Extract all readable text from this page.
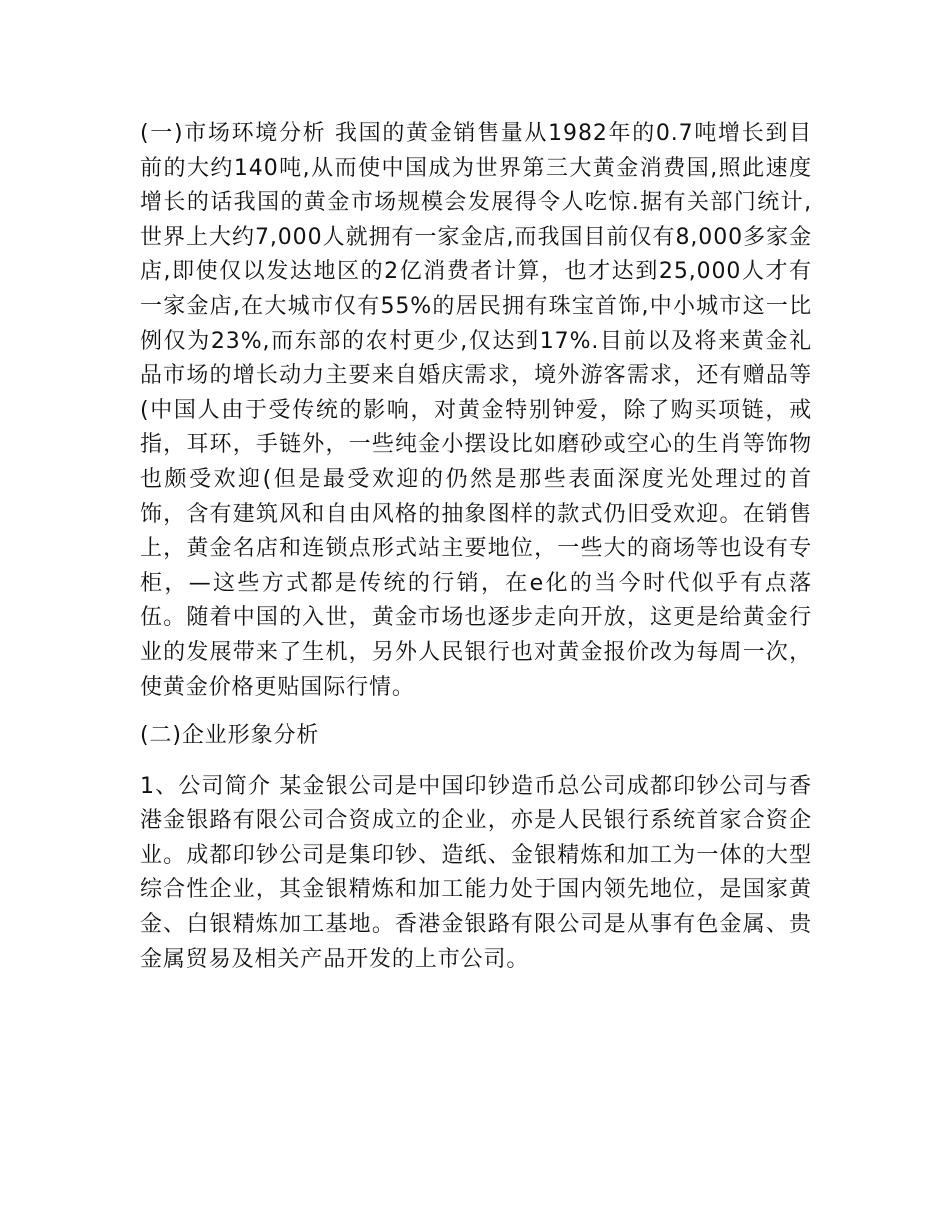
(一)市场环境分析 我国的黄金销售量从1982年的0.7吨增长到目前的大约140吨,从而使中国成为世界第三大黄金消费国,照此速度增长的话我国的黄金市场规模会发展得令人吃惊.据有关部门统计,世界上大约7,000人就拥有一家金店,而我国目前仅有8,000多家金店,即使仅以发达地区的2亿消费者计算，也才达到25,000人才有一家金店,在大城市仅有55%的居民拥有珠宝首饰,中小城市这一比例仅为23%,而东部的农村更少,仅达到17%.目前以及将来黄金礼品市场的增长动力主要来自婚庆需求，境外游客需求，还有赠品等(中国人由于受传统的影响，对黄金特别钟爱，除了购买项链，戒指，耳环，手链外，一些纯金小摆设比如磨砂或空心的生肖等饰物也颇受欢迎(但是最受欢迎的仍然是那些表面深度光处理过的首饰，含有建筑风和自由风格的抽象图样的款式仍旧受欢迎。在销售上，黄金名店和连锁点形式站主要地位，一些大的商场等也设有专柜，—这些方式都是传统的行销，在e化的当今时代似乎有点落伍。随着中国的入世，黄金市场也逐步走向开放，这更是给黄金行业的发展带来了生机，另外人民银行也对黄金报价改为每周一次，使黄金价格更贴国际行情。

(二)企业形象分析

1、公司简介 某金银公司是中国印钞造币总公司成都印钞公司与香港金银路有限公司合资成立的企业，亦是人民银行系统首家合资企业。成都印钞公司是集印钞、造纸、金银精炼和加工为一体的大型综合性企业，其金银精炼和加工能力处于国内领先地位，是国家黄金、白银精炼加工基地。香港金银路有限公司是从事有色金属、贵金属贸易及相关产品开发的上市公司。
